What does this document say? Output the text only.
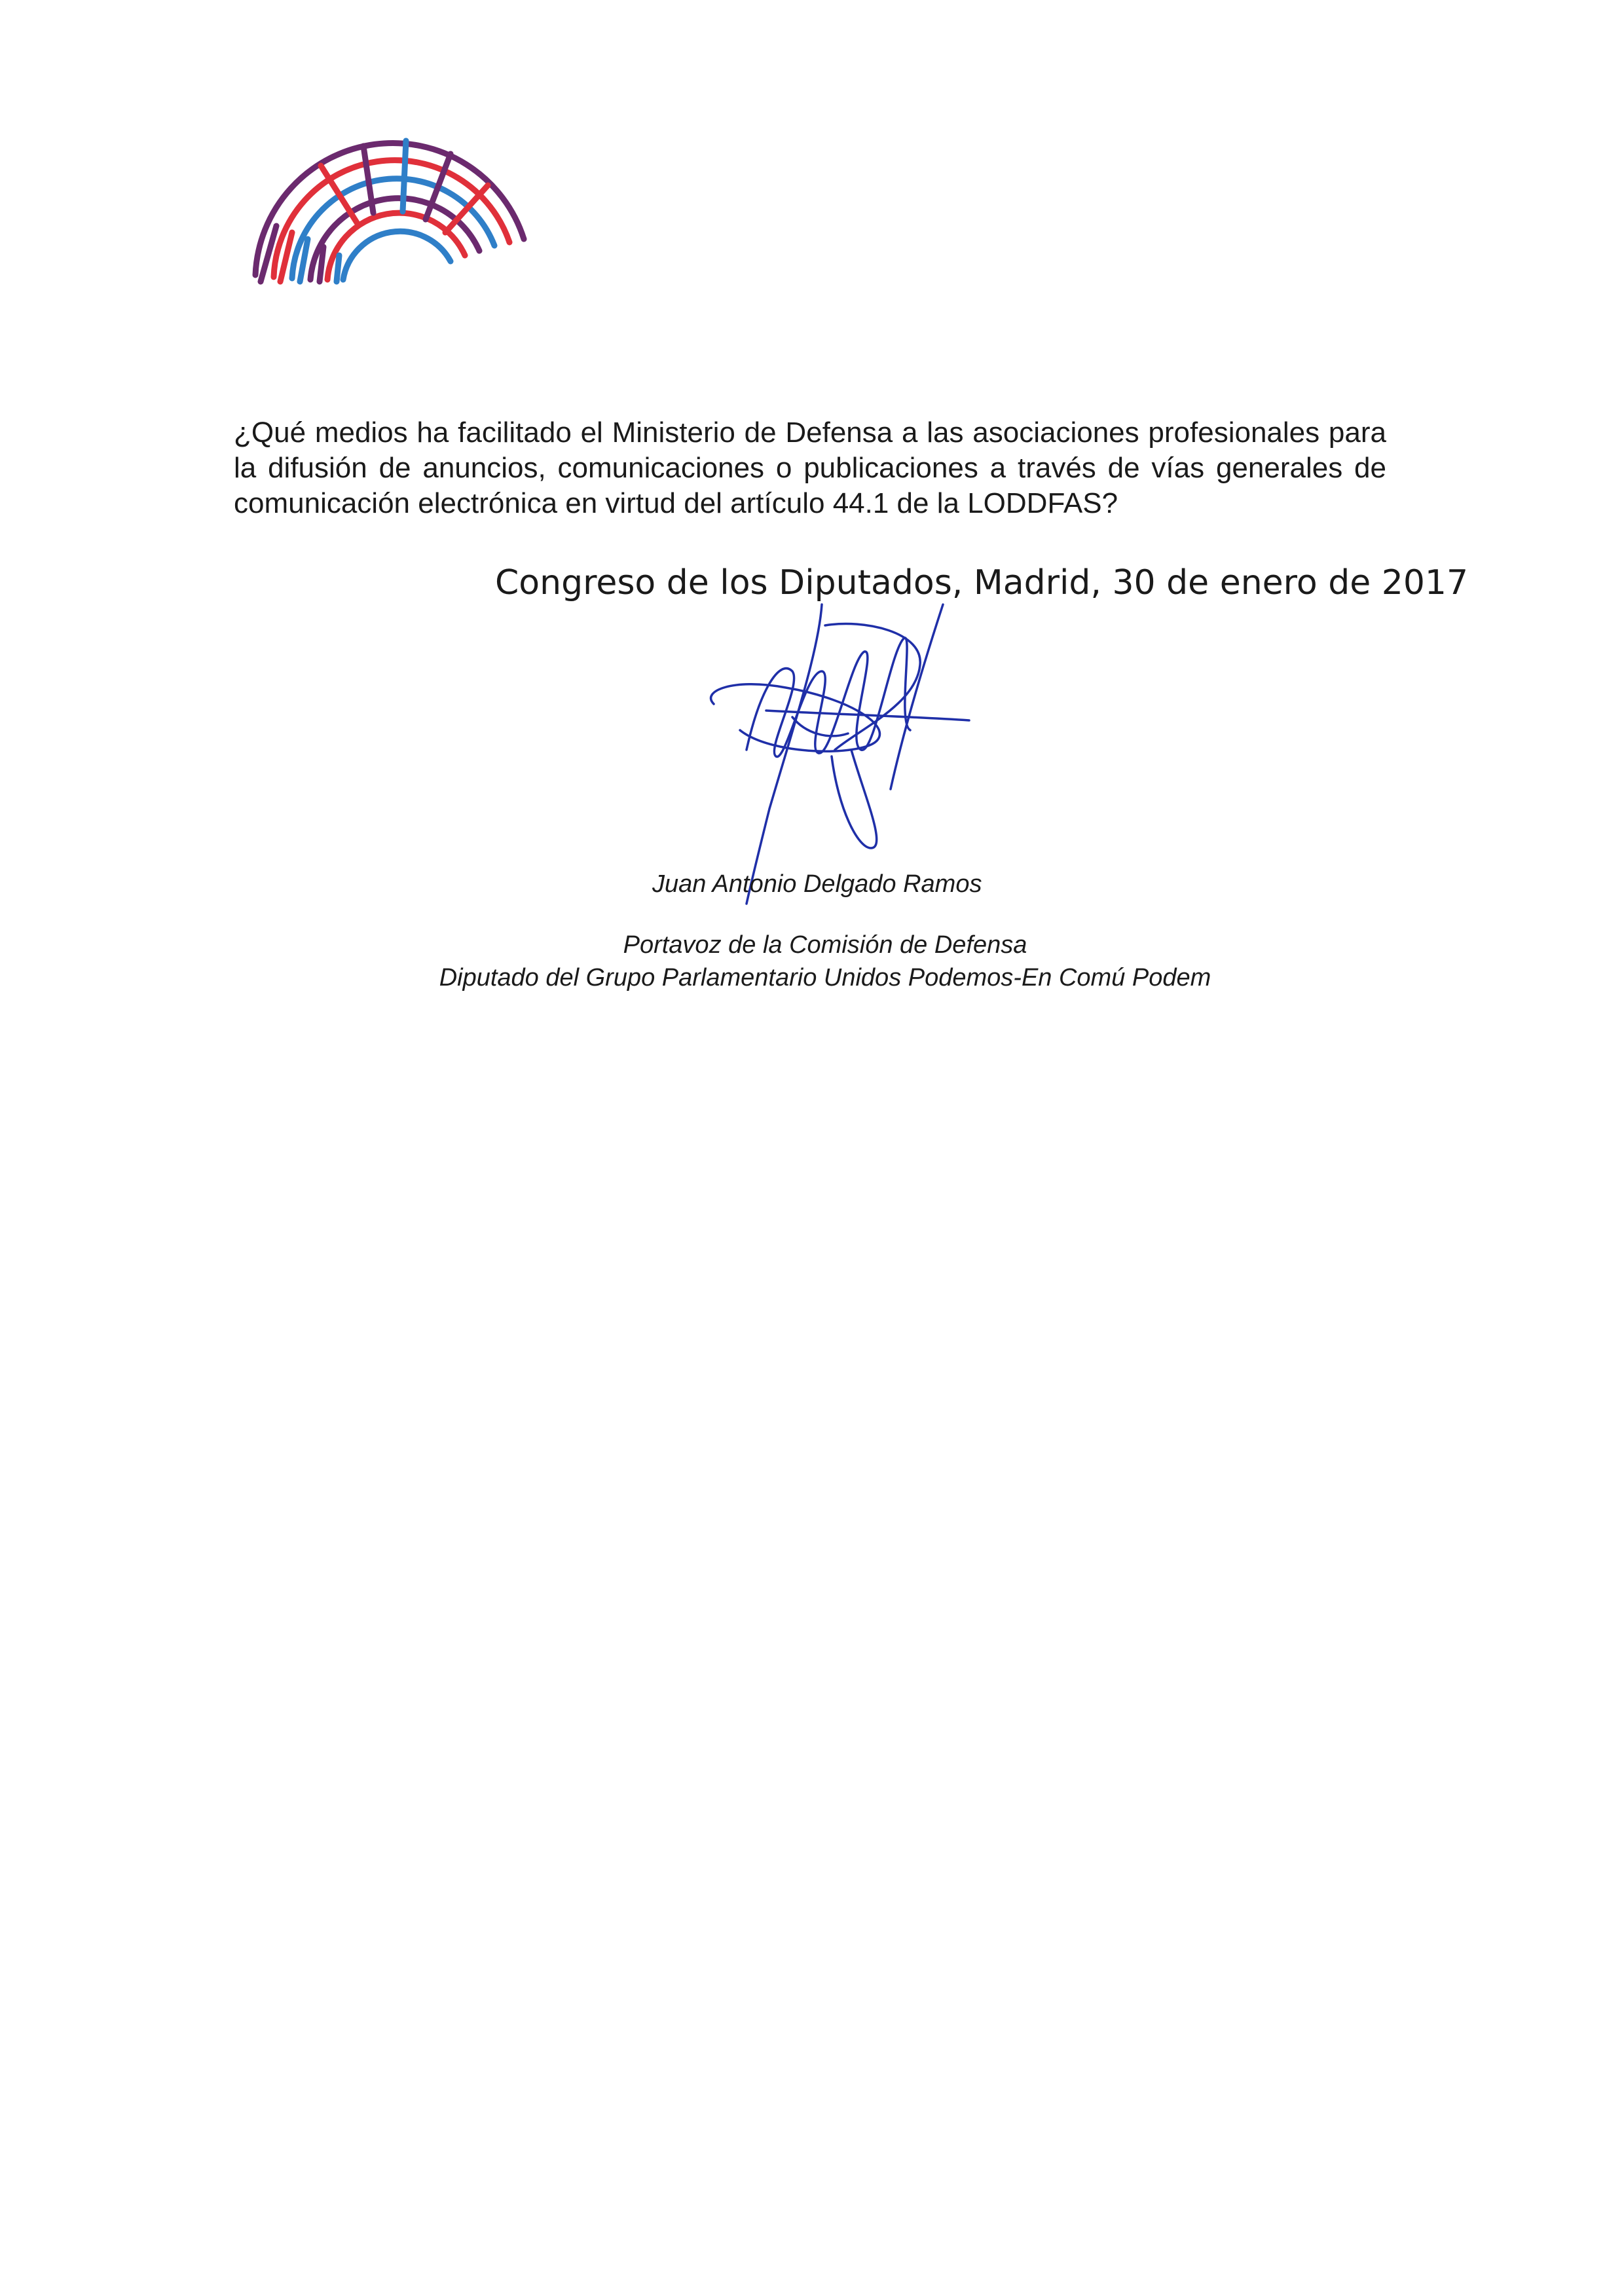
¿Qué medios ha facilitado el Ministerio de Defensa a las asociaciones profesionales para la difusión de anuncios, comunicaciones o publicaciones a través de vías generales de comunicación electrónica en virtud del artículo 44.1 de la LODDFAS?

Congreso de los Diputados, Madrid, 30 de enero de 2017
Juan Antonio Delgado Ramos
Portavoz de la Comisión de Defensa
Diputado del Grupo Parlamentario Unidos Podemos-En Comú Podem
